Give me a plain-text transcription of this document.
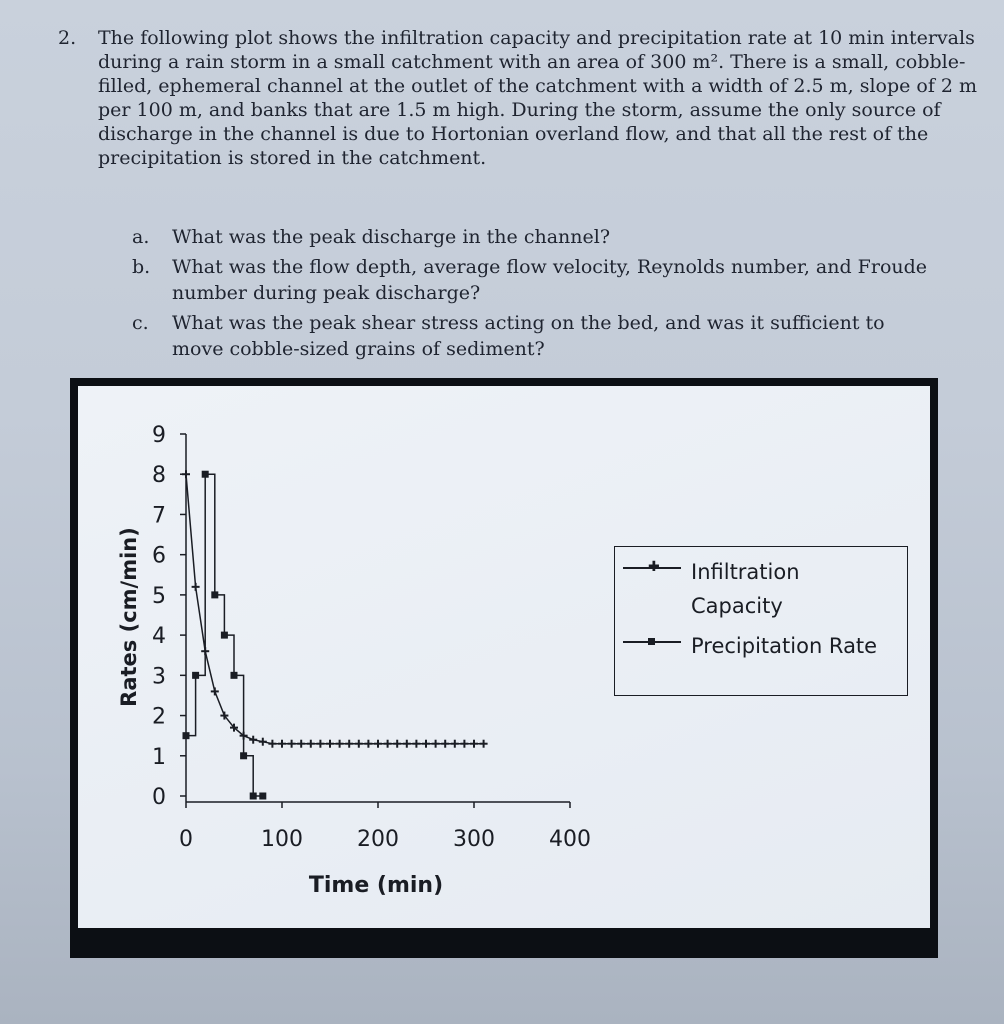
2. The following plot shows the infiltration capacity and precipitation rate at 10 min intervals during a rain storm in a small catchment with an area of 300 m². There is a small, cobble-filled, ephemeral channel at the outlet of the catchment with a width of 2.5 m, slope of 2 m per 100 m, and banks that are 1.5 m high. During the storm, assume the only source of discharge in the channel is due to Hortonian overland flow, and that all the rest of the precipitation is stored in the catchment.
a. What was the peak discharge in the channel?
b. What was the flow depth, average flow velocity, Reynolds number, and Froude number during peak discharge?
c. What was the peak shear stress acting on the bed, and was it sufficient to move cobble-sized grains of sediment?
0
1
2
3
4
5
6
7
8
9
0	100 200 300 400
Rates (cm/min)
Time (min)
✚ Infiltration
Capacity
Precipitation Rate
